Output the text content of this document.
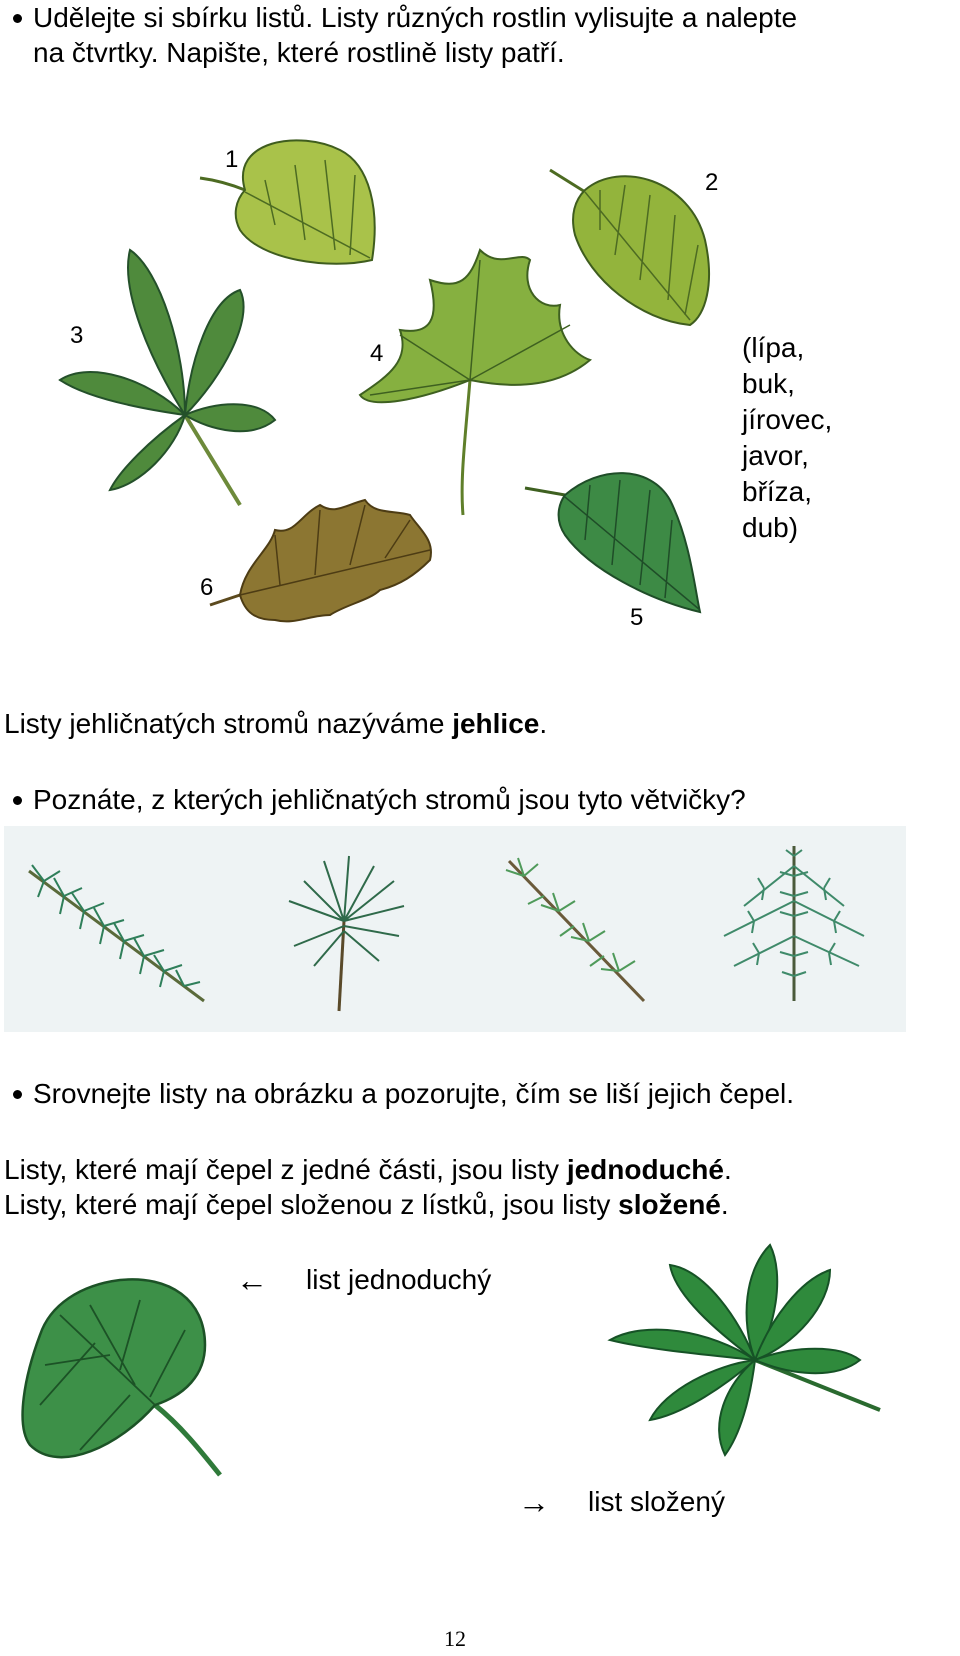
Udělejte si sbírku listů. Listy různých rostlin vylisujte a nalepte
na čtvrtky. Napište, které rostlině listy patří.
1
2
3
4
5
6
(lípa,
buk,
jírovec,
javor,
bříza,
dub)
Listy jehličnatých stromů nazýváme jehlice.
Poznáte, z kterých jehličnatých stromů jsou tyto větvičky?
Srovnejte listy na obrázku a pozorujte, čím se liší jejich čepel.
Listy, které mají čepel z jedné části, jsou listy jednoduché.
Listy, které mají čepel složenou z lístků, jsou listy složené.
← list jednoduchý
→ list složený
12
